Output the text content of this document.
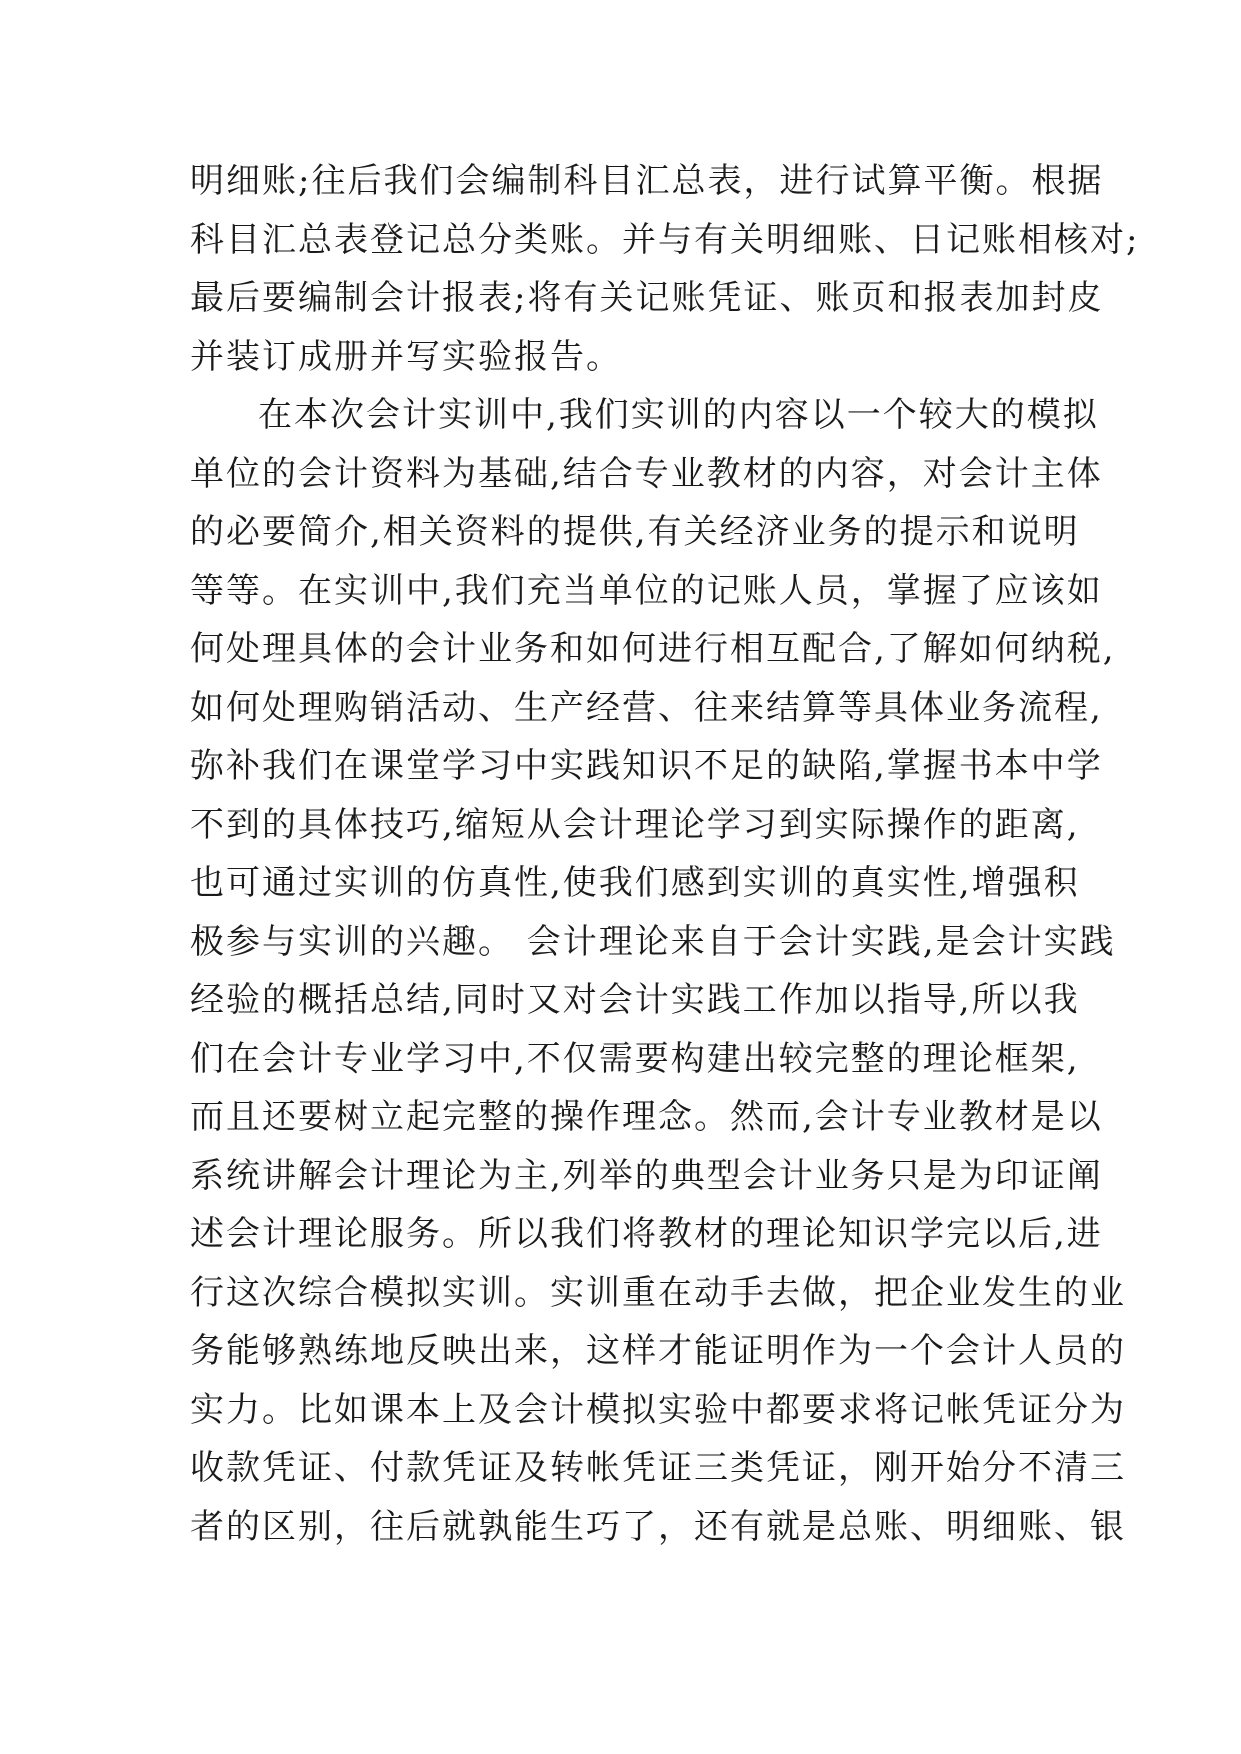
明细账;往后我们会编制科目汇总表，进行试算平衡。根据
科目汇总表登记总分类账。并与有关明细账、日记账相核对;
最后要编制会计报表;将有关记账凭证、账页和报表加封皮
并装订成册并写实验报告。

在本次会计实训中,我们实训的内容以一个较大的模拟
单位的会计资料为基础,结合专业教材的内容，对会计主体
的必要简介,相关资料的提供,有关经济业务的提示和说明
等等。在实训中,我们充当单位的记账人员，掌握了应该如
何处理具体的会计业务和如何进行相互配合,了解如何纳税,
如何处理购销活动、生产经营、往来结算等具体业务流程,
弥补我们在课堂学习中实践知识不足的缺陷,掌握书本中学
不到的具体技巧,缩短从会计理论学习到实际操作的距离,
也可通过实训的仿真性,使我们感到实训的真实性,增强积
极参与实训的兴趣。 会计理论来自于会计实践,是会计实践
经验的概括总结,同时又对会计实践工作加以指导,所以我
们在会计专业学习中,不仅需要构建出较完整的理论框架,
而且还要树立起完整的操作理念。然而,会计专业教材是以
系统讲解会计理论为主,列举的典型会计业务只是为印证阐
述会计理论服务。所以我们将教材的理论知识学完以后,进
行这次综合模拟实训。实训重在动手去做，把企业发生的业
务能够熟练地反映出来，这样才能证明作为一个会计人员的
实力。比如课本上及会计模拟实验中都要求将记帐凭证分为
收款凭证、付款凭证及转帐凭证三类凭证，刚开始分不清三
者的区别，往后就孰能生巧了，还有就是总账、明细账、银
